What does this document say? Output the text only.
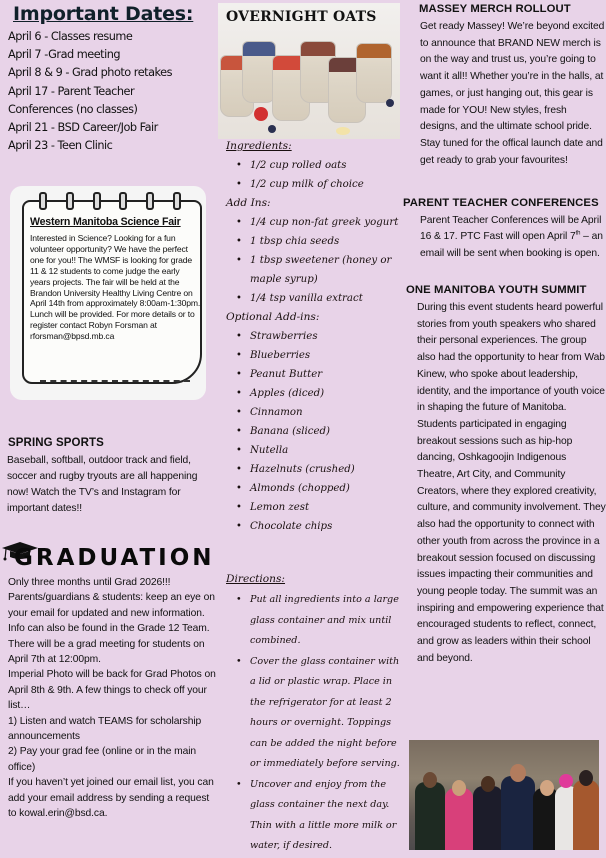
Important Dates:
April 6 - Classes resume
April 7 -Grad meeting
April 8 & 9 - Grad photo retakes
April 17 - Parent Teacher
Conferences (no classes)
April 21 - BSD Career/Job Fair
April 23 - Teen Clinic
Western Manitoba Science Fair

Interested in Science? Looking for a fun volunteer opportunity? We have the perfect one for you!! The WMSF is looking for grade 11 & 12 students to come judge the early years projects. The fair will be held at the Brandon University Healthy Living Centre on April 14th from approximately 8:00am-1:30pm. Lunch will be provided. For more details or to register contact Robyn Forsman at rforsman@bpsd.mb.ca

SPRING SPORTS

Baseball, softball, outdoor track and field, soccer and rugby tryouts are all happening now! Watch the TV’s and Instagram for important dates!!

GRADUATION
Only three months until Grad 2026!!!
Parents/guardians & students: keep an eye on your email for updated and new information. Info can also be found in the Grade 12 Team.
There will be a grad meeting for students on April 7th at 12:00pm.
Imperial Photo will be back for Grad Photos on April 8th & 9th. A few things to check off your list…
1) Listen and watch TEAMS for scholarship announcements
2) Pay your grad fee (online or in the main office)
If you haven’t yet joined our email list, you can add your email address by sending a request to kowal.erin@bsd.ca.
OVERNIGHT OATS
Ingredients:
• 1/2 cup rolled oats
• 1/2 cup milk of choice
Add Ins:
• 1/4 cup non-fat greek yogurt
• 1 tbsp chia seeds
• 1 tbsp sweetener (honey or maple syrup)
• 1/4 tsp vanilla extract
Optional Add-ins:
• Strawberries
• Blueberries
• Peanut Butter
• Apples (diced)
• Cinnamon
• Banana (sliced)
• Nutella
• Hazelnuts (crushed)
• Almonds (chopped)
• Lemon zest
• Chocolate chips
Directions:
• Put all ingredients into a large glass container and mix until combined.
• Cover the glass container with a lid or plastic wrap. Place in the refrigerator for at least 2 hours or overnight. Toppings can be added the night before or immediately before serving.
• Uncover and enjoy from the glass container the next day. Thin with a little more milk or water, if desired.
MASSEY MERCH ROLLOUT

Get ready Massey! We’re beyond excited to announce that BRAND NEW merch is on the way and trust us, you’re going to want it all!! Whether you’re in the halls, at games, or just hanging out, this gear is made for YOU! New styles, fresh designs, and the ultimate school pride. Stay tuned for the offical launch date and get ready to grab your favourites!

PARENT TEACHER CONFERENCES

Parent Teacher Conferences will be April 16 & 17. PTC Fast will open April 7th – an email will be sent when booking is open.

ONE MANITOBA YOUTH SUMMIT

During this event students heard powerful stories from youth speakers who shared their personal experiences. The group also had the opportunity to hear from Wab Kinew, who spoke about leadership, identity, and the importance of youth voice in shaping the future of Manitoba. Students participated in engaging breakout sessions such as hip-hop dancing, Oshkagoojin Indigenous Theatre, Art City, and Community Creators, where they explored creativity, culture, and community involvement. They also had the opportunity to connect with other youth from across the province in a breakout session focused on discussing issues impacting their communities and young people today. The summit was an inspiring and empowering experience that encouraged students to reflect, connect, and grow as leaders within their school and beyond.
